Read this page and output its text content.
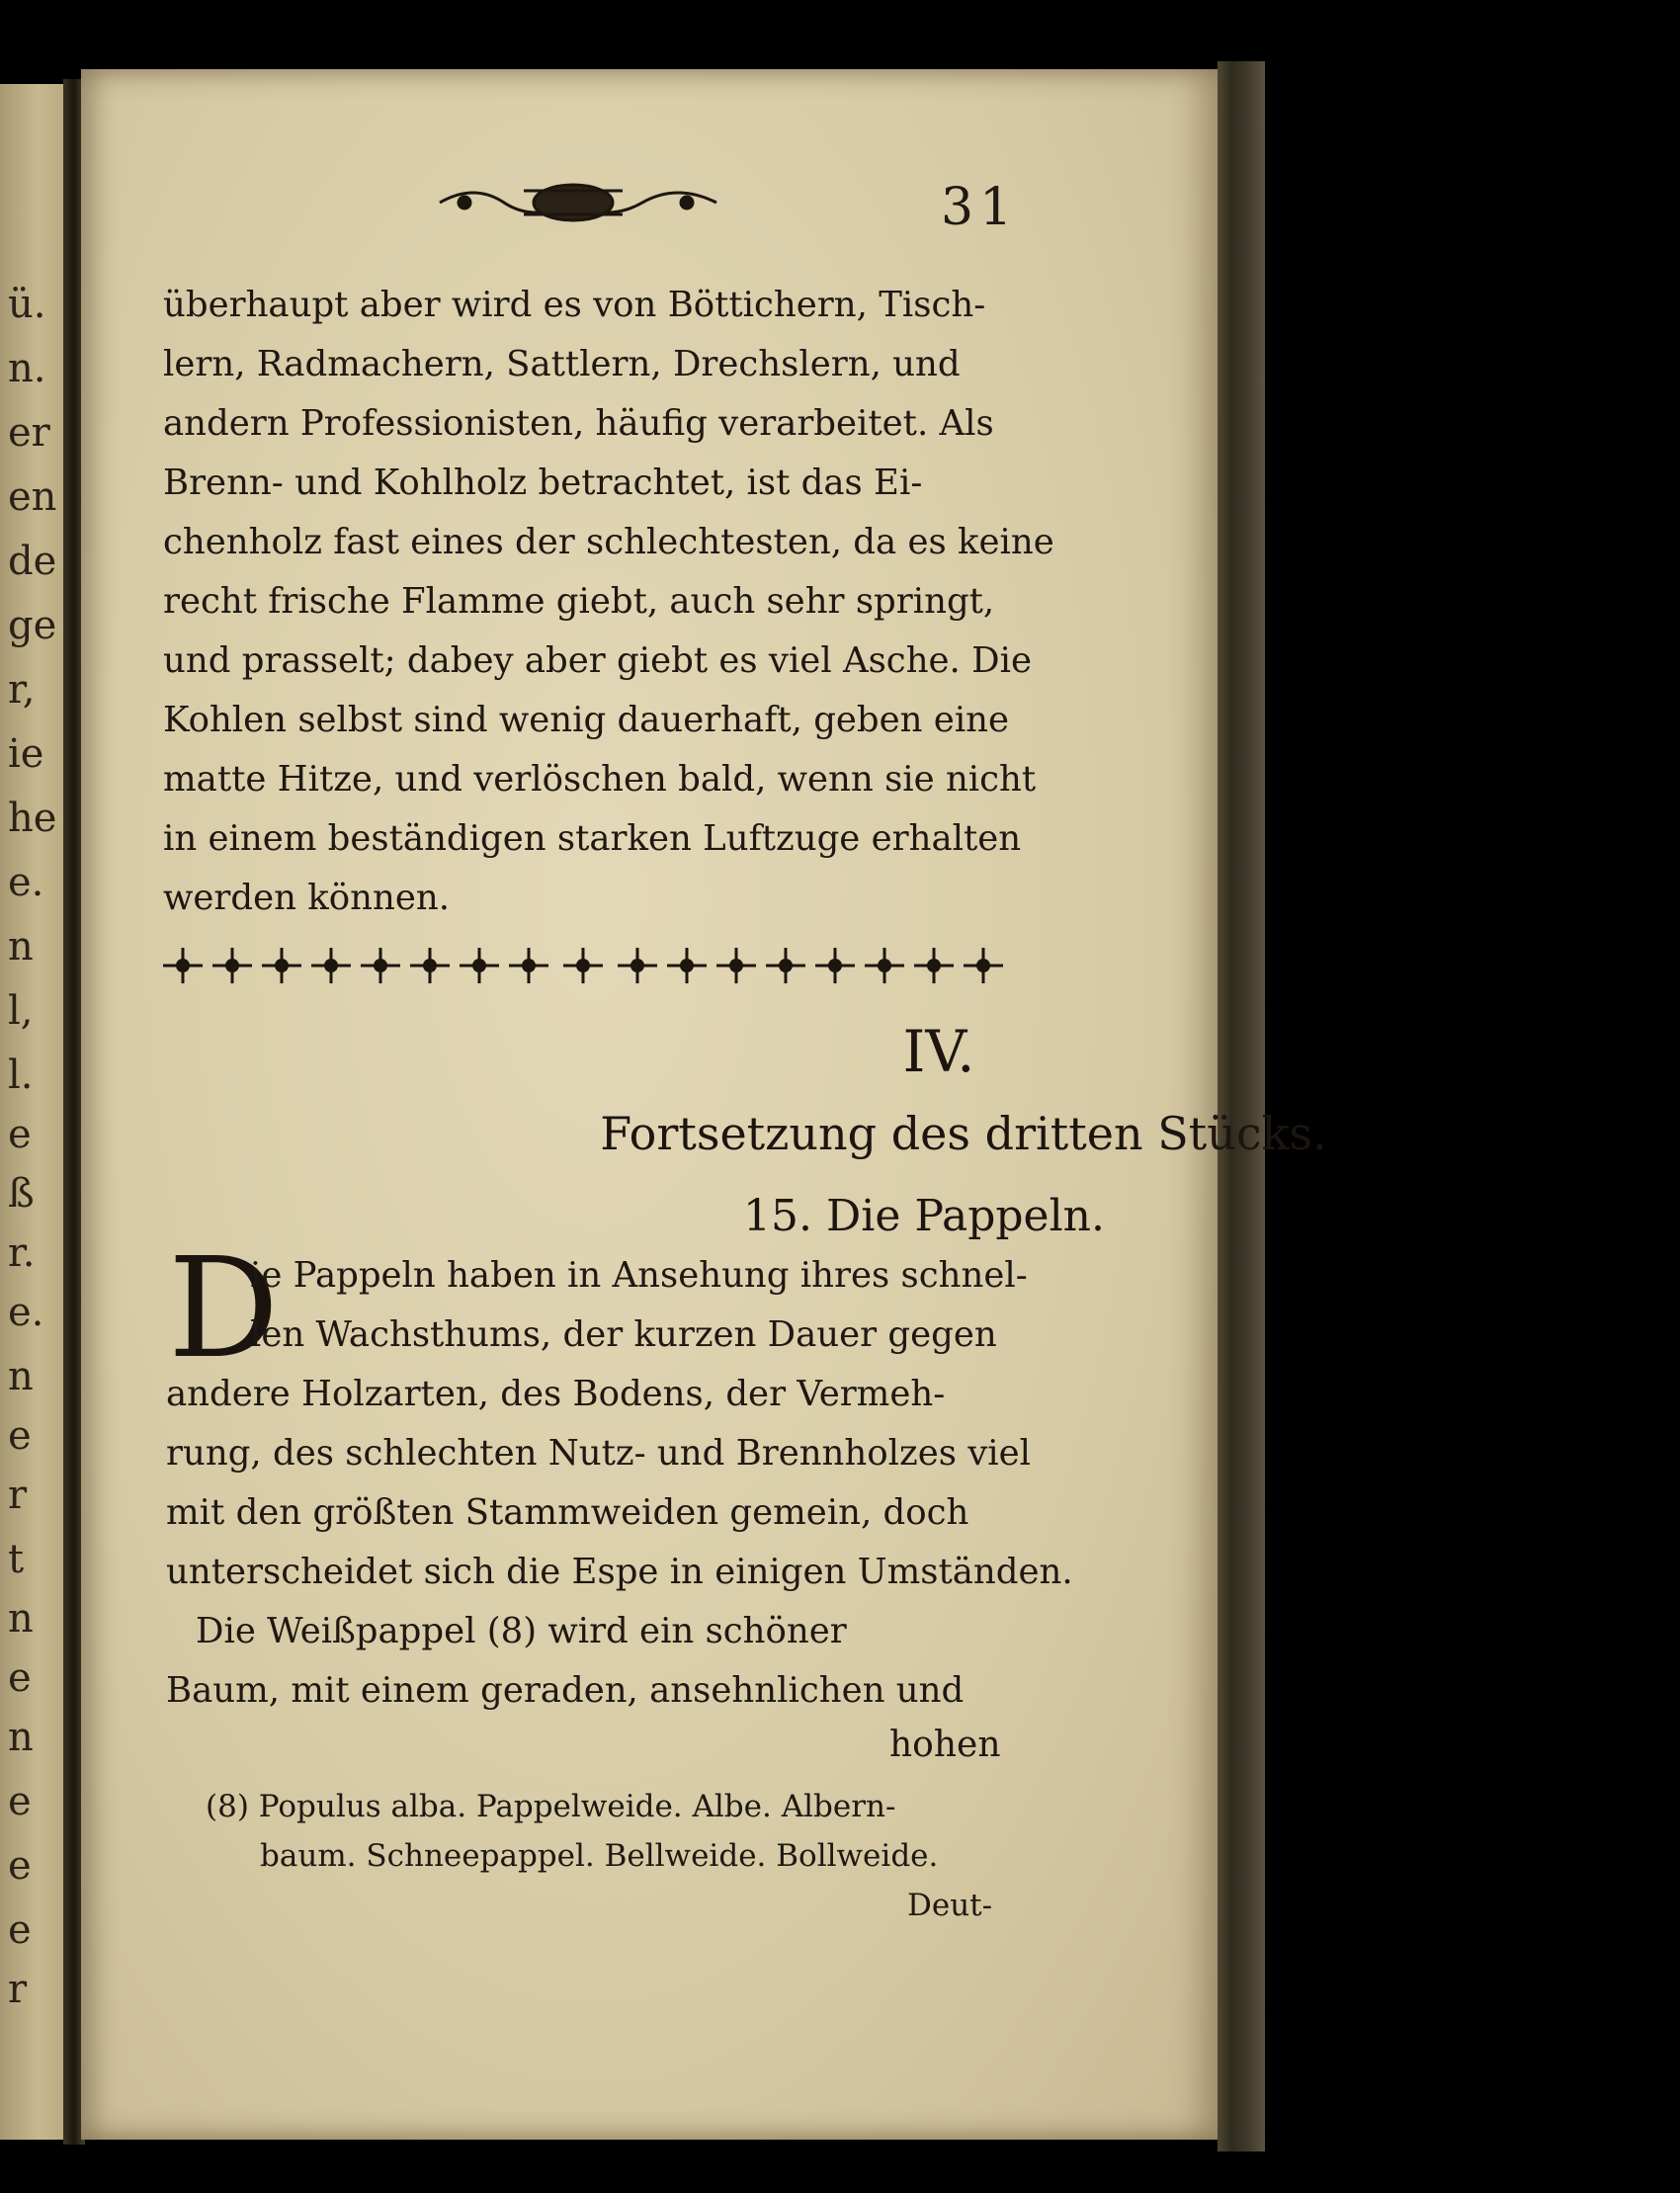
ü.
n.
er
en
de
ge
r,
ie
he
e.
n
l,
l.
e
ß
r.
e.
n
e
r
t
n
e
n
e
e
e
r
31
überhaupt aber wird es von Böttichern, Tisch-
lern, Radmachern, Sattlern, Drechslern, und
andern Professionisten, häufig verarbeitet. Als
Brenn- und Kohlholz betrachtet, ist das Ei-
chenholz fast eines der schlechtesten, da es keine
recht frische Flamme giebt, auch sehr springt,
und prasselt; dabey aber giebt es viel Asche. Die
Kohlen selbst sind wenig dauerhaft, geben eine
matte Hitze, und verlöschen bald, wenn sie nicht
in einem beständigen starken Luftzuge erhalten
werden können.
IV.
Fortsetzung des dritten Stücks.
15. Die Pappeln.
D
ie Pappeln haben in Ansehung ihres schnel-
len Wachsthums, der kurzen Dauer gegen
andere Holzarten, des Bodens, der Vermeh-
rung, des schlechten Nutz- und Brennholzes viel
mit den größten Stammweiden gemein, doch
unterscheidet sich die Espe in einigen Umständen.
Die Weißpappel (8) wird ein schöner
Baum, mit einem geraden, ansehnlichen und
hohen
(8) Populus alba. Pappelweide. Albe. Albern-
baum. Schneepappel. Bellweide. Bollweide.
Deut-
